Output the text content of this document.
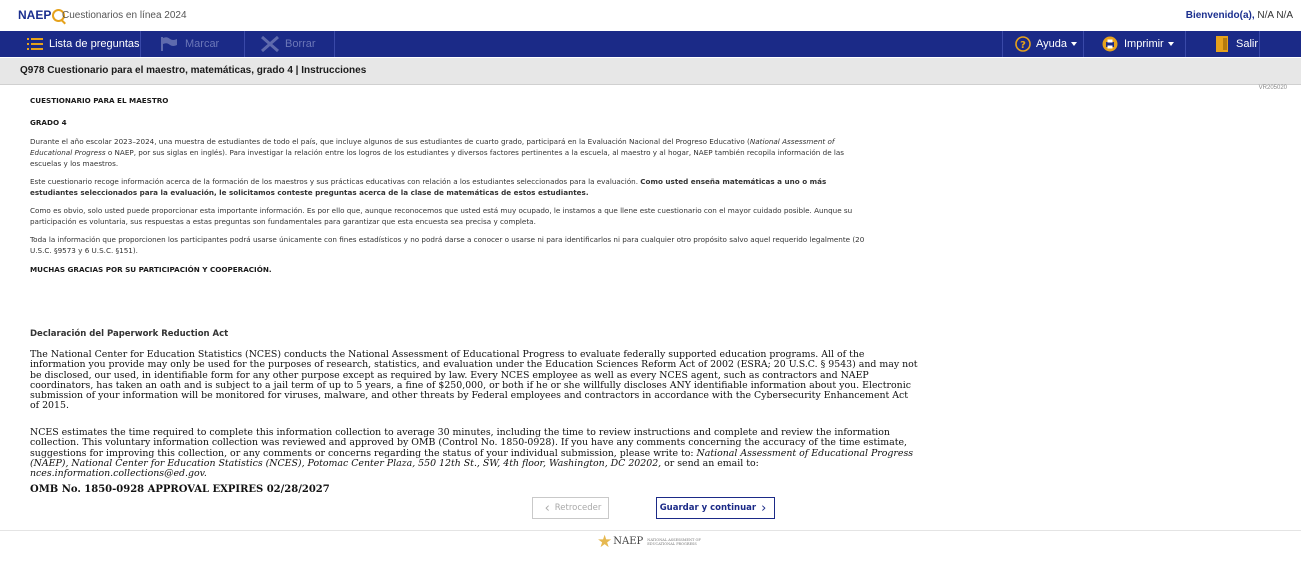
NAEP	Cuestionarios en línea 2024	Bienvenido(a), N/A N/A
Lista de preguntas	Marcar	Borrar	? Ayuda	Imprimir	Salir
Q978 Cuestionario para el maestro, matemáticas, grado 4 | Instrucciones
VR205020

CUESTIONARIO PARA EL MAESTRO

GRADO 4

Durante el año escolar 2023–2024, una muestra de estudiantes de todo el país, que incluye algunos de sus estudiantes de cuarto grado, participará en la Evaluación Nacional del Progreso Educativo (National Assessment of Educational Progress o NAEP, por sus siglas en inglés). Para investigar la relación entre los logros de los estudiantes y diversos factores pertinentes a la escuela, al maestro y al hogar, NAEP también recopila información de las escuelas y los maestros.

Este cuestionario recoge información acerca de la formación de los maestros y sus prácticas educativas con relación a los estudiantes seleccionados para la evaluación. Como usted enseña matemáticas a uno o más estudiantes seleccionados para la evaluación, le solicitamos conteste preguntas acerca de la clase de matemáticas de estos estudiantes.

Como es obvio, solo usted puede proporcionar esta importante información. Es por ello que, aunque reconocemos que usted está muy ocupado, le instamos a que llene este cuestionario con el mayor cuidado posible. Aunque su participación es voluntaria, sus respuestas a estas preguntas son fundamentales para garantizar que esta encuesta sea precisa y completa.

Toda la información que proporcionen los participantes podrá usarse únicamente con fines estadísticos y no podrá darse a conocer o usarse ni para identificarlos ni para cualquier otro propósito salvo aquel requerido legalmente (20 U.S.C. §9573 y 6 U.S.C. §151).

MUCHAS GRACIAS POR SU PARTICIPACIÓN Y COOPERACIÓN.

Declaración del Paperwork Reduction Act
The National Center for Education Statistics (NCES) conducts the National Assessment of Educational Progress to evaluate federally supported education programs. All of the information you provide may only be used for the purposes of research, statistics, and evaluation under the Education Sciences Reform Act of 2002 (ESRA; 20 U.S.C. § 9543) and may not be disclosed, our used, in identifiable form for any other purpose except as required by law. Every NCES employee as well as every NCES agent, such as contractors and NAEP coordinators, has taken an oath and is subject to a jail term of up to 5 years, a fine of $250,000, or both if he or she willfully discloses ANY identifiable information about you. Electronic submission of your information will be monitored for viruses, malware, and other threats by Federal employees and contractors in accordance with the Cybersecurity Enhancement Act of 2015.
NCES estimates the time required to complete this information collection to average 30 minutes, including the time to review instructions and complete and review the information collection. This voluntary information collection was reviewed and approved by OMB (Control No. 1850-0928). If you have any comments concerning the accuracy of the time estimate, suggestions for improving this collection, or any comments or concerns regarding the status of your individual submission, please write to: National Assessment of Educational Progress (NAEP), National Center for Education Statistics (NCES), Potomac Center Plaza, 550 12th St., SW, 4th floor, Washington, DC 20202, or send an email to: nces.information.collections@ed.gov.
OMB No. 1850-0928 APPROVAL EXPIRES 02/28/2027
‹ Retroceder	Guardar y continuar ›
★ NAEP NATIONAL ASSESSMENT OF EDUCATIONAL PROGRESS
